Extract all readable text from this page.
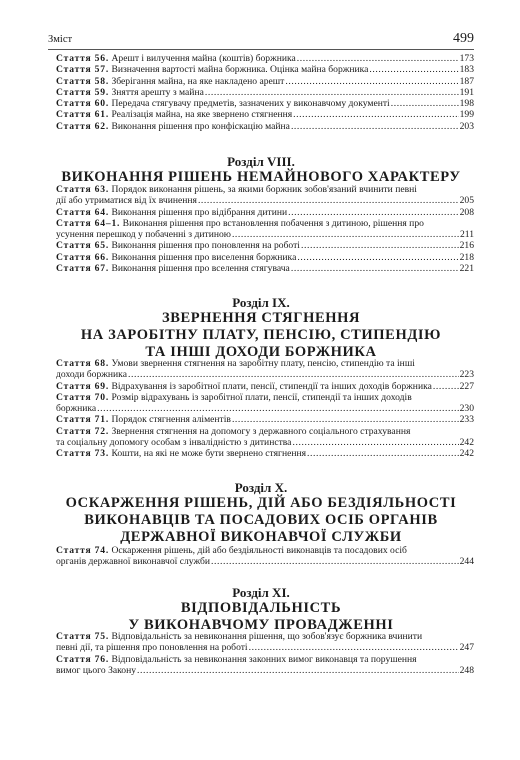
Зміст	499
Стаття 56. Арешт і вилучення майна (коштів) боржника .....	173
Стаття 57. Визначення вартості майна боржника. Оцінка майна боржника .....	183
Стаття 58. Зберігання майна, на яке накладено арешт .....	187
Стаття 59. Зняття арешту з майна .....	191
Стаття 60. Передача стягувачу предметів, зазначених у виконавчому документі .....	198
Стаття 61. Реалізація майна, на яке звернено стягнення .....	199
Стаття 62. Виконання рішення про конфіскацію майна .....	203
Розділ VIII.
ВИКОНАННЯ РІШЕНЬ НЕМАЙНОВОГО ХАРАКТЕРУ
Стаття 63. Порядок виконання рішень, за якими боржник зобов'язаний вчинити певні
дії або утриматися від їх вчинення .....	205
Стаття 64. Виконання рішення про відібрання дитини .....	208
Стаття 64–1. Виконання рішення про встановлення побачення з дитиною, рішення про
усунення перешкод у побаченні з дитиною .....	211
Стаття 65. Виконання рішення про поновлення на роботі .....	216
Стаття 66. Виконання рішення про виселення боржника .....	218
Стаття 67. Виконання рішення про вселення стягувача .....	221
Розділ IX.
ЗВЕРНЕННЯ СТЯГНЕННЯ
НА ЗАРОБІТНУ ПЛАТУ, ПЕНСІЮ, СТИПЕНДІЮ
ТА ІНШІ ДОХОДИ БОРЖНИКА
Стаття 68. Умови звернення стягнення на заробітну плату, пенсію, стипендію та інші
доходи боржника .....	223
Стаття 69. Відрахування із заробітної плати, пенсії, стипендії та інших доходів боржника .....	227
Стаття 70. Розмір відрахувань із заробітної плати, пенсії, стипендії та інших доходів
боржника .....	230
Стаття 71. Порядок стягнення аліментів .....	233
Стаття 72. Звернення стягнення на допомогу з державного соціального страхування
та соціальну допомогу особам з інвалідністю з дитинства .....	242
Стаття 73. Кошти, на які не може бути звернено стягнення .....	242
Розділ X.
ОСКАРЖЕННЯ РІШЕНЬ, ДІЙ АБО БЕЗДІЯЛЬНОСТІ
ВИКОНАВЦІВ ТА ПОСАДОВИХ ОСІБ ОРГАНІВ
ДЕРЖАВНОЇ ВИКОНАВЧОЇ СЛУЖБИ
Стаття 74. Оскарження рішень, дій або бездіяльності виконавців та посадових осіб
органів державної виконавчої служби .....	244
Розділ XI.
ВІДПОВІДАЛЬНІСТЬ
У ВИКОНАВЧОМУ ПРОВАДЖЕННІ
Стаття 75. Відповідальність за невиконання рішення, що зобов'язує боржника вчинити
певні дії, та рішення про поновлення на роботі .....	247
Стаття 76. Відповідальність за невиконання законних вимог виконавця та порушення
вимог цього Закону .....	248
